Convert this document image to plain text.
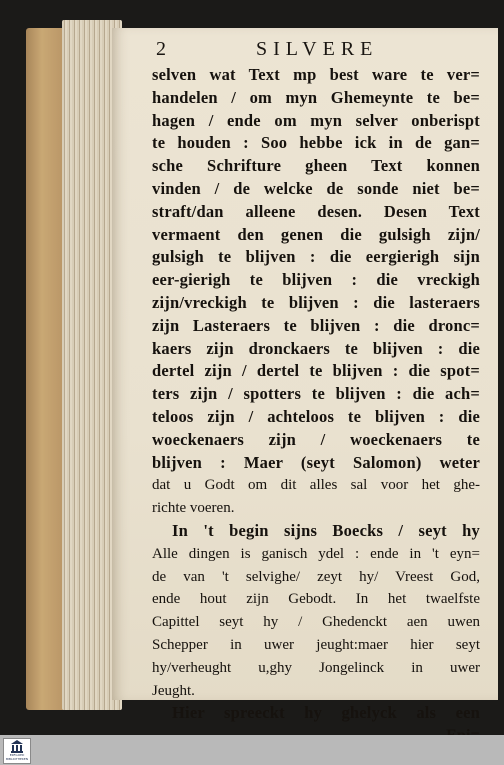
2	SILVERE
selven wat Text mp best ware te ver=
handelen / om myn Ghemeynte te be=
hagen / ende om myn selver onberispt
te houden : Soo hebbe ick in de gan=
sche Schrifture gheen Text konnen
vinden / de welcke de sonde niet be=
straft/dan alleene desen. Desen Text
vermaent den genen die gulsigh zijn/
gulsigh te blijven : die eergierigh sijn
eer-gierigh te blijven : die vreckigh
zijn/vreckigh te blijven : die lasteraers
zijn Lasteraers te blijven : die dronc=
kaers zijn dronckaers te blijven : die
dertel zijn / dertel te blijven : die spot=
ters zijn / spotters te blijven : die ach=
teloos zijn / achteloos te blijven : die
woeckenaers zijn / woeckenaers te
blijven : Maer (seyt Salomon) weter
dat u Godt om dit alles sal voor het ghe-
richte voeren.
In 't begin sijns Boecks / seyt hy
Alle dingen is ganisch ydel : ende in 't eyn=
de van 't selvighe/ zeyt hy/ Vreest God,
ende hout zijn Gebodt. In het twaelfste
Capittel seyt hy / Ghedenckt aen uwen
Schepper in uwer jeught:maer hier seyt
hy/verheught u,ghy Jongelinck in uwer
Jeught.
Hier spreeckt hy ghelyck als een
ERFGOED BIBLIOTHEKEN
